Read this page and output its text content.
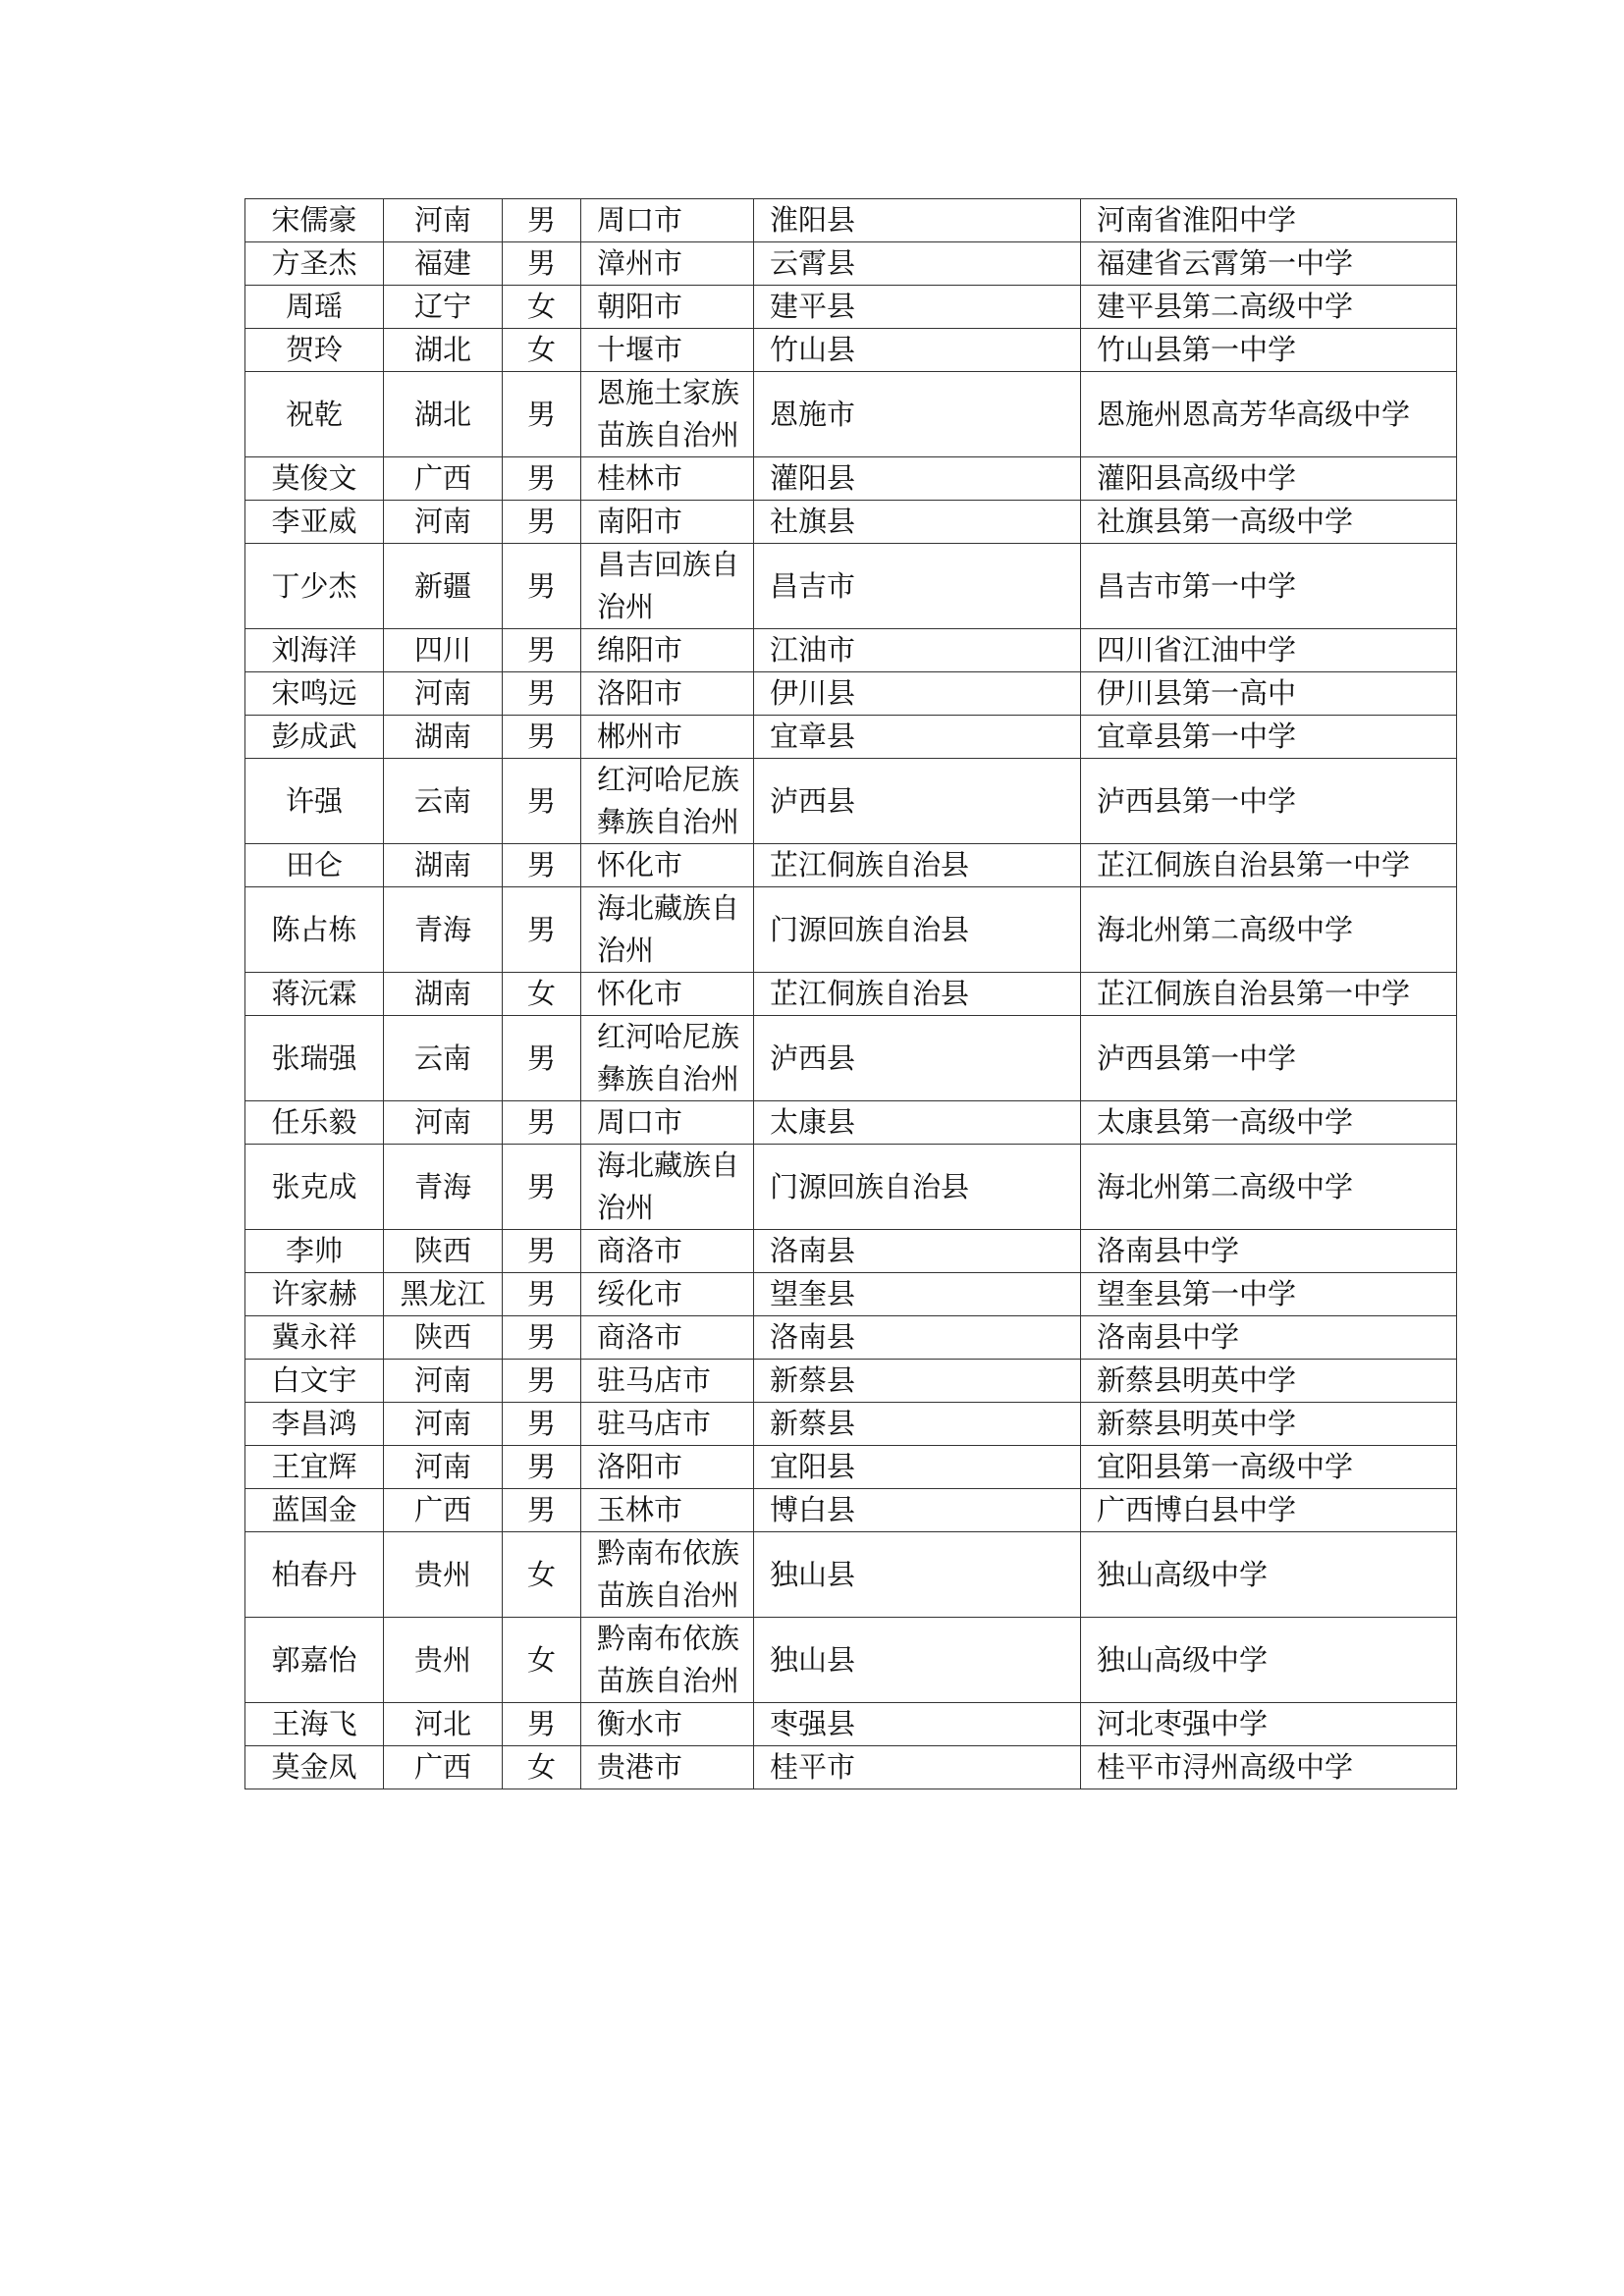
宋儒豪	河南	男	周口市	淮阳县	河南省淮阳中学
方圣杰	福建	男	漳州市	云霄县	福建省云霄第一中学
周瑶	辽宁	女	朝阳市	建平县	建平县第二高级中学
贺玲	湖北	女	十堰市	竹山县	竹山县第一中学
祝乾	湖北	男	恩施土家族苗族自治州	恩施市	恩施州恩高芳华高级中学
莫俊文	广西	男	桂林市	灌阳县	灌阳县高级中学
李亚威	河南	男	南阳市	社旗县	社旗县第一高级中学
丁少杰	新疆	男	昌吉回族自治州	昌吉市	昌吉市第一中学
刘海洋	四川	男	绵阳市	江油市	四川省江油中学
宋鸣远	河南	男	洛阳市	伊川县	伊川县第一高中
彭成武	湖南	男	郴州市	宜章县	宜章县第一中学
许强	云南	男	红河哈尼族彝族自治州	泸西县	泸西县第一中学
田仑	湖南	男	怀化市	芷江侗族自治县	芷江侗族自治县第一中学
陈占栋	青海	男	海北藏族自治州	门源回族自治县	海北州第二高级中学
蒋沅霖	湖南	女	怀化市	芷江侗族自治县	芷江侗族自治县第一中学
张瑞强	云南	男	红河哈尼族彝族自治州	泸西县	泸西县第一中学
任乐毅	河南	男	周口市	太康县	太康县第一高级中学
张克成	青海	男	海北藏族自治州	门源回族自治县	海北州第二高级中学
李帅	陕西	男	商洛市	洛南县	洛南县中学
许家赫	黑龙江	男	绥化市	望奎县	望奎县第一中学
冀永祥	陕西	男	商洛市	洛南县	洛南县中学
白文宇	河南	男	驻马店市	新蔡县	新蔡县明英中学
李昌鸿	河南	男	驻马店市	新蔡县	新蔡县明英中学
王宜辉	河南	男	洛阳市	宜阳县	宜阳县第一高级中学
蓝国金	广西	男	玉林市	博白县	广西博白县中学
柏春丹	贵州	女	黔南布依族苗族自治州	独山县	独山高级中学
郭嘉怡	贵州	女	黔南布依族苗族自治州	独山县	独山高级中学
王海飞	河北	男	衡水市	枣强县	河北枣强中学
莫金凤	广西	女	贵港市	桂平市	桂平市浔州高级中学
